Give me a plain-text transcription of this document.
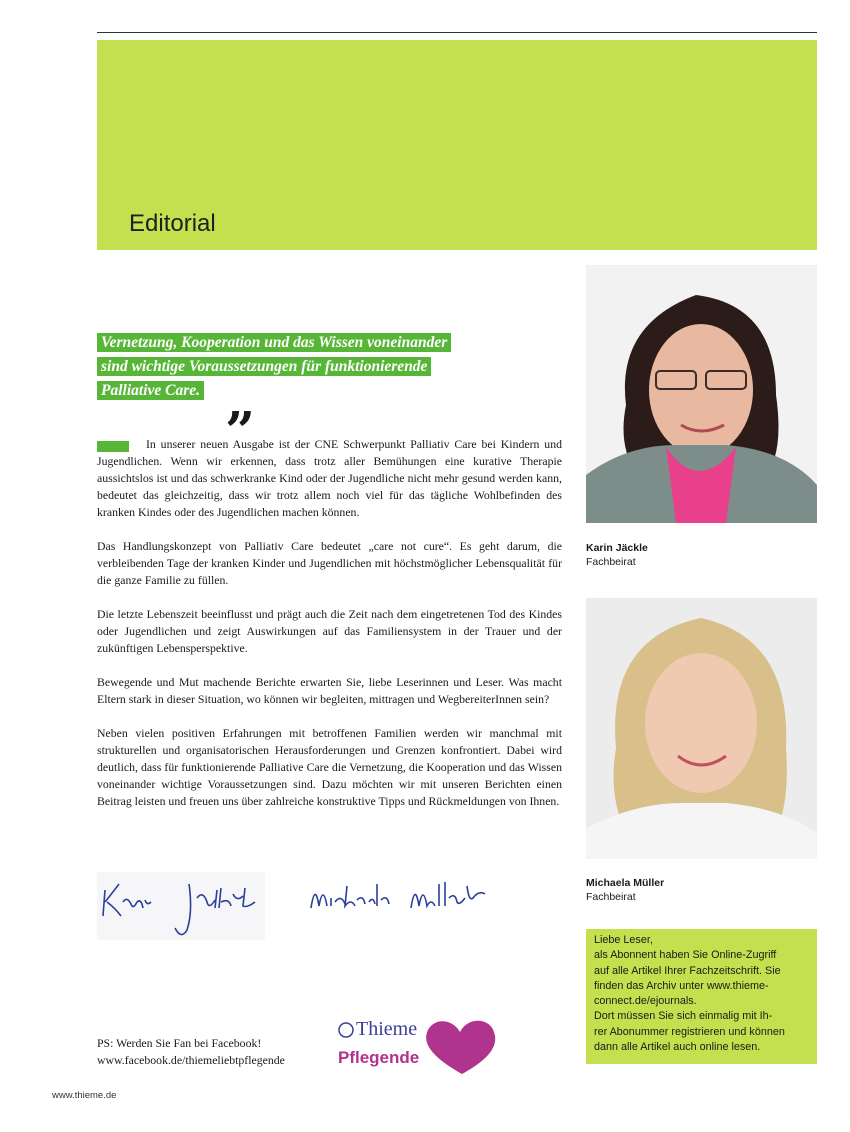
Editorial
Vernetzung, Kooperation und das Wissen voneinander
sind wichtige Voraussetzungen für funktionierende
Palliative Care. „

In unserer neuen Ausgabe ist der CNE Schwerpunkt Palliativ Care bei Kindern und Jugendlichen. Wenn wir erkennen, dass trotz aller Bemühungen eine kurative Therapie aussichtslos ist und das schwerkranke Kind oder der Jugendliche nicht mehr gesund werden kann, bedeutet das gleichzeitig, dass wir trotz allem noch viel für das tägliche Wohlbefinden des kranken Kindes oder des Jugendlichen machen können.

Das Handlungskonzept von Palliativ Care bedeutet „care not cure“. Es geht darum, die verbleibenden Tage der kranken Kinder und Jugendlichen mit höchstmöglicher Lebensqualität für die ganze Familie zu füllen.

Die letzte Lebenszeit beeinflusst und prägt auch die Zeit nach dem eingetretenen Tod des Kindes oder Jugendlichen und zeigt Auswirkungen auf das Familiensystem in der Trauer und der zukünftigen Lebensperspektive.

Bewegende und Mut machende Berichte erwarten Sie, liebe Leserinnen und Leser. Was macht Eltern stark in dieser Situation, wo können wir begleiten, mittragen und WegbereiterInnen sein?

Neben vielen positiven Erfahrungen mit betroffenen Familien werden wir manchmal mit strukturellen und organisatorischen Herausforderungen und Grenzen konfrontiert. Dabei wird deutlich, dass für funktionierende Palliative Care die Vernetzung, die Kooperation und das Wissen voneinander wichtige Voraussetzungen sind. Dazu möchten wir mit unseren Berichten einen Beitrag leisten und freuen uns über zahlreiche konstruktive Tipps und Rückmeldungen von Ihnen.

PS: Werden Sie Fan bei Facebook!
www.facebook.de/thiemeliebtpflegende
Thieme
Pflegende
Karin Jäckle
Fachbeirat
Michaela Müller
Fachbeirat
Liebe Leser,
als Abonnent haben Sie Online-Zugriff
auf alle Artikel Ihrer Fachzeitschrift. Sie
finden das Archiv unter www.thieme-
connect.de/ejournals.
Dort müssen Sie sich einmalig mit Ih-
rer Abonummer registrieren und können
dann alle Artikel auch online lesen.
www.thieme.de
